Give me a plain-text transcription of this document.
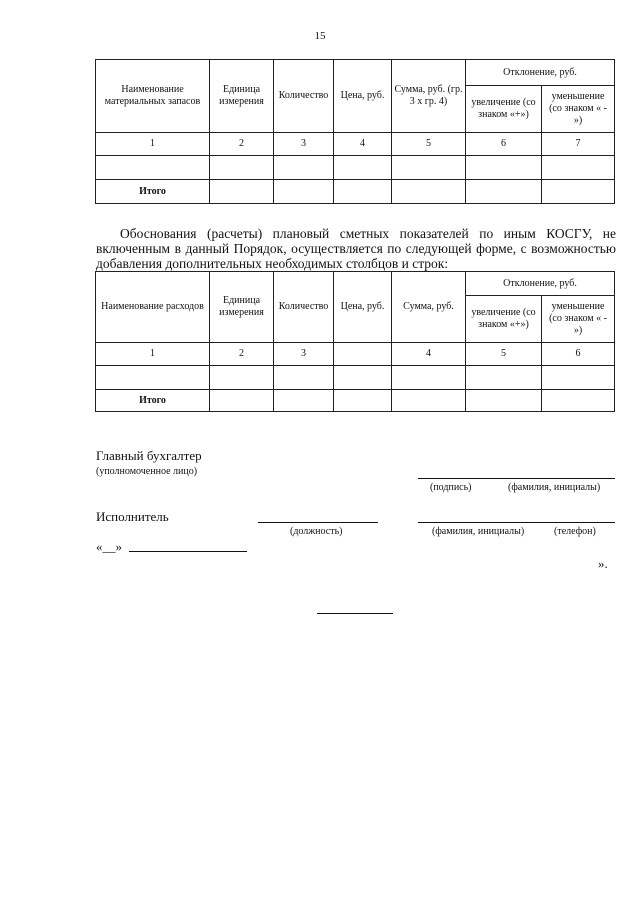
15
Наименование материальных запасов	Единица измерения	Количество	Цена, руб.	Сумма, руб. (гр. 3 х гр. 4)	Отклонение, руб.	
					увеличение (со знаком «+»)	уменьшение (со знаком « - »)
1	2	3	4	5	6	7

Итого						
Обоснования (расчеты) плановый сметных показателей по иным КОСГУ, не включенным в данный Порядок, осуществляется по следующей форме, с возможностью добавления дополнительных необходимых столбцов и строк:
Наименование расходов	Единица измерения	Количество	Цена, руб.	Сумма, руб.	Отклонение, руб.	
					увеличение (со знаком «+»)	уменьшение (со знаком « - »)
1	2	3		4	5	6

Итого						
Главный бухгалтер
(уполномоченное лицо)
(подпись)	(фамилия, инициалы)
Исполнитель
(должность)	(фамилия, инициалы)	(телефон)
«__»
».
